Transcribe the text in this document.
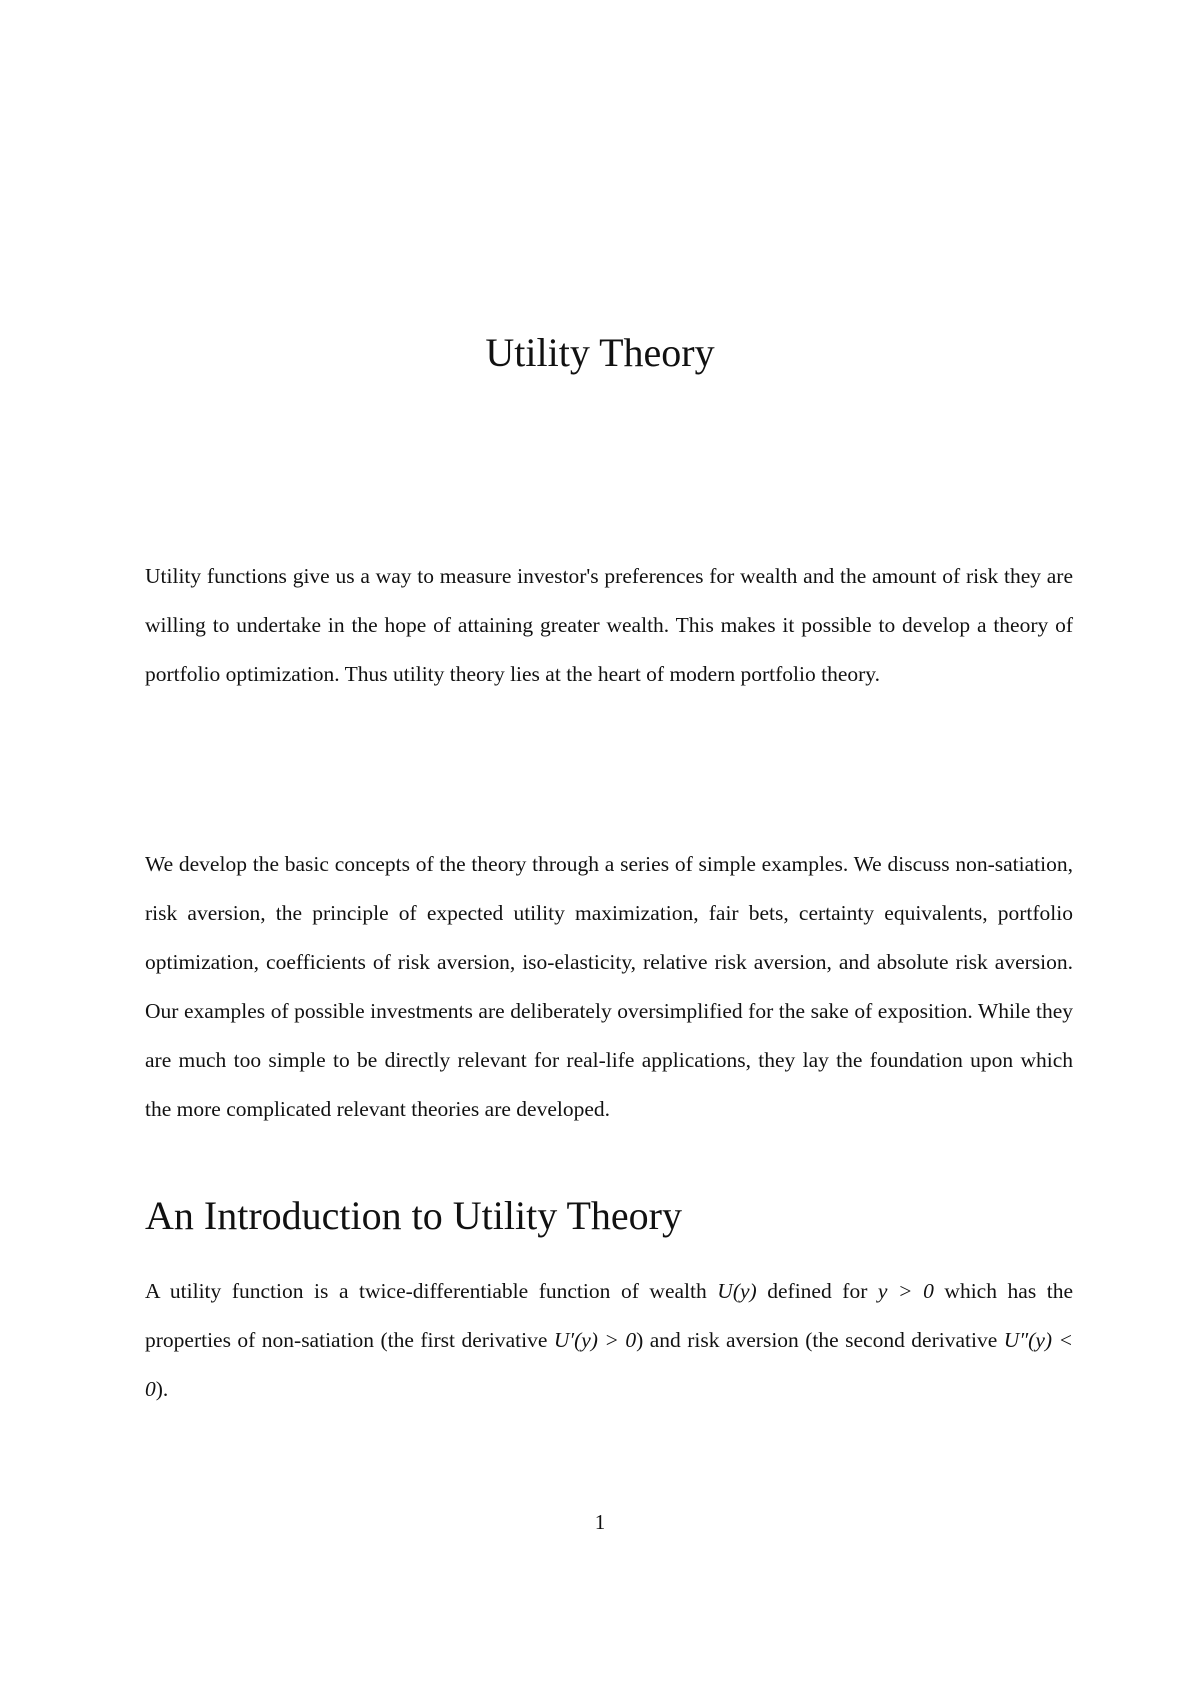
Utility Theory

Utility functions give us a way to measure investor's preferences for wealth and the amount of risk they are willing to undertake in the hope of attaining greater wealth. This makes it possible to develop a theory of portfolio optimization. Thus utility theory lies at the heart of modern portfolio theory.

We develop the basic concepts of the theory through a series of simple examples. We discuss non-satiation, risk aversion, the principle of expected utility maximization, fair bets, certainty equivalents, portfolio optimization, coefficients of risk aversion, iso-elasticity, relative risk aversion, and absolute risk aversion. Our examples of possible investments are deliberately oversimplified for the sake of exposition. While they are much too simple to be directly relevant for real-life applications, they lay the foundation upon which the more complicated relevant theories are developed.

An Introduction to Utility Theory

A utility function is a twice-differentiable function of wealth U(y) defined for y > 0 which has the properties of non-satiation (the first derivative U′(y) > 0) and risk aversion (the second derivative U″(y) < 0).

1
